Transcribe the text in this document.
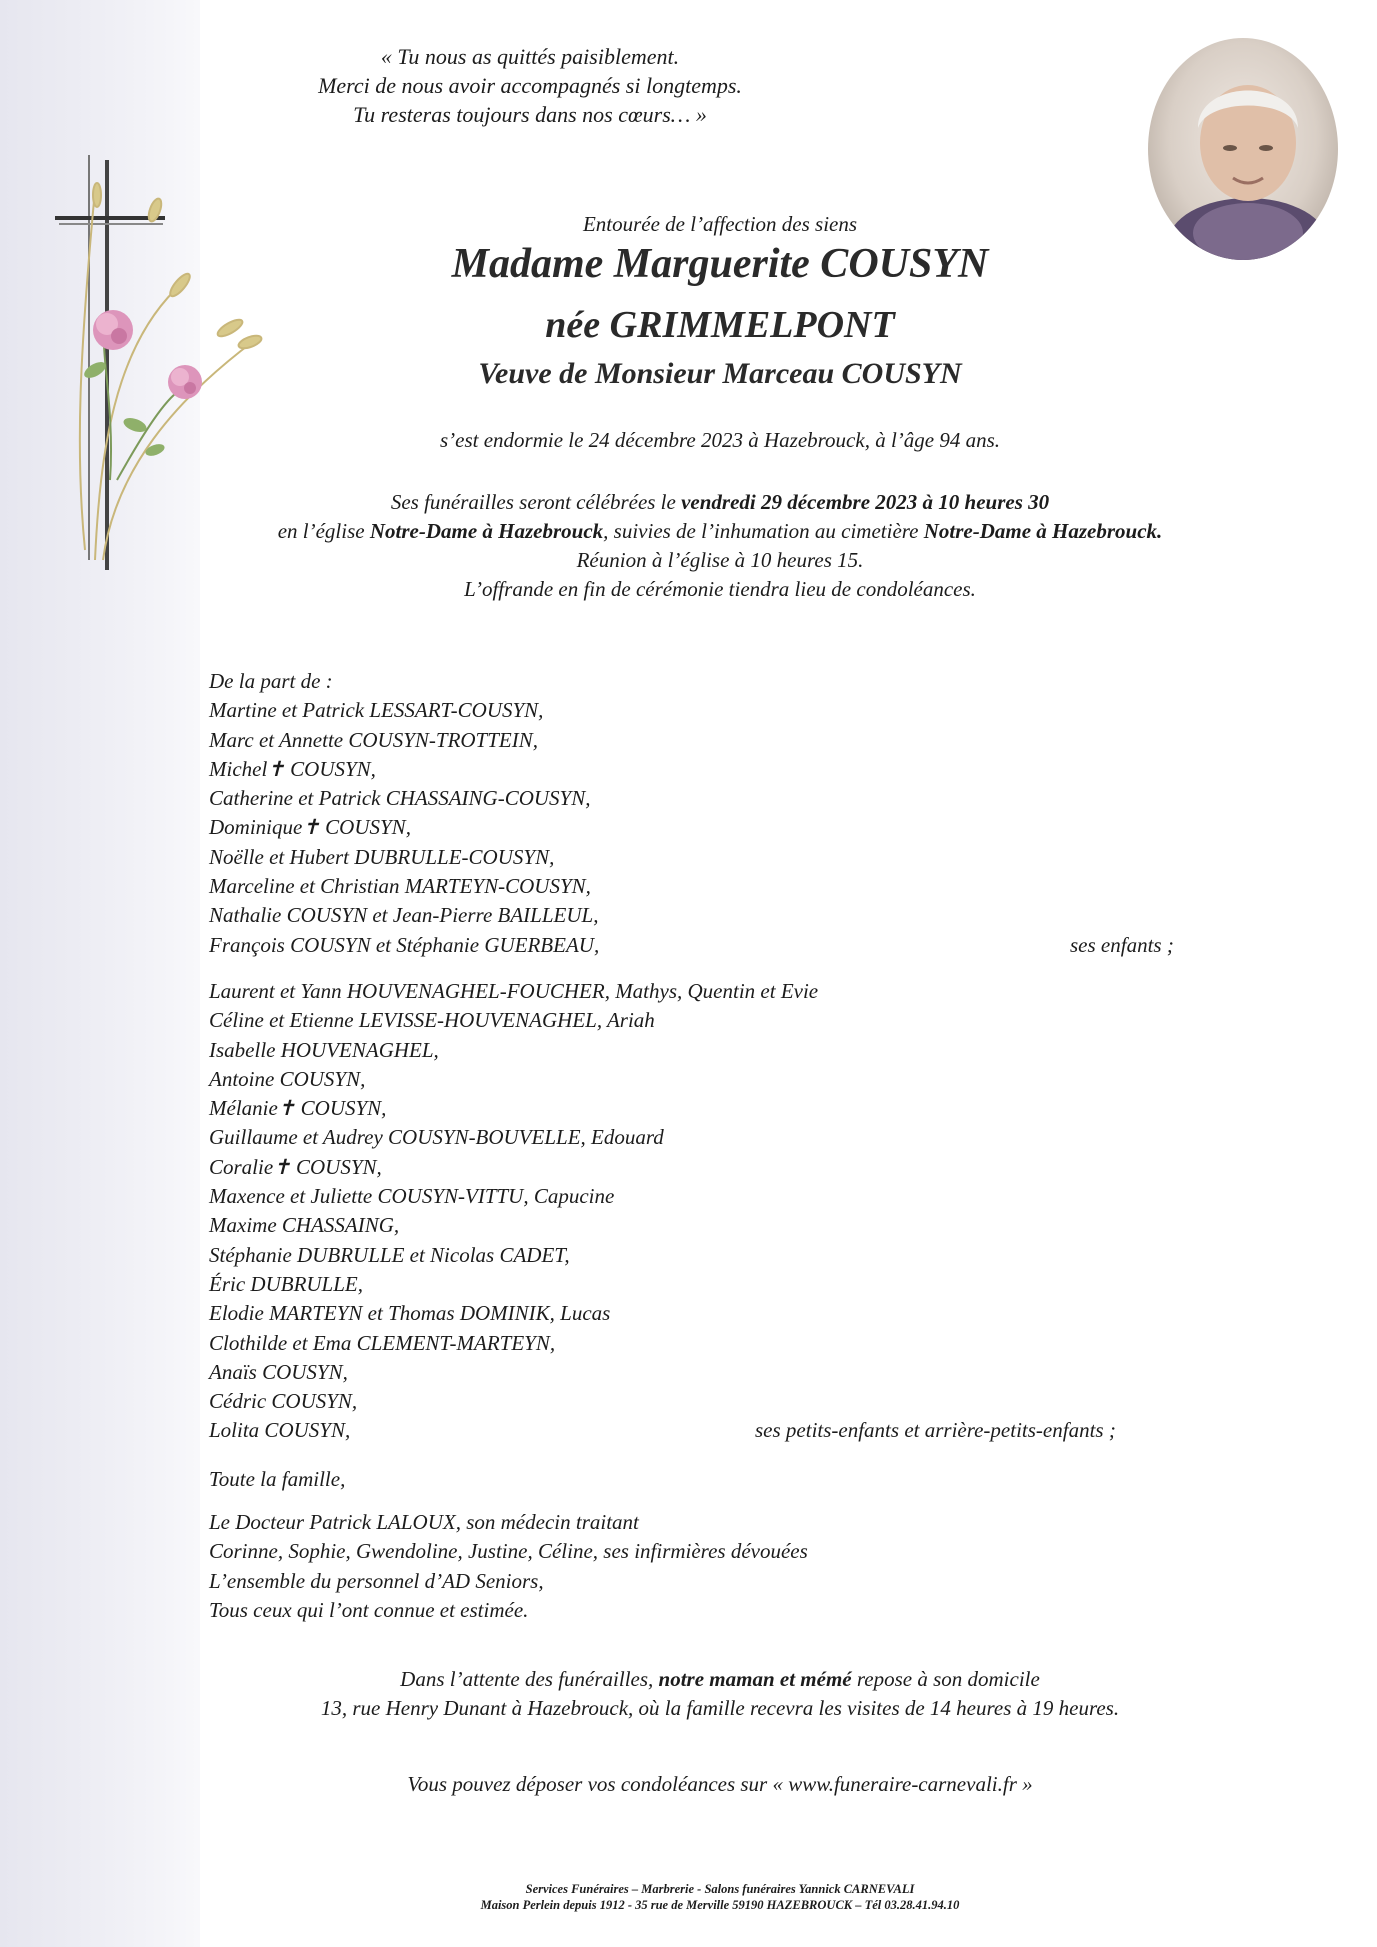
« Tu nous as quittés paisiblement.
Merci de nous avoir accompagnés si longtemps.
Tu resteras toujours dans nos cœurs… »
Entourée de l’affection des siens
Madame Marguerite COUSYN
née GRIMMELPONT
Veuve de Monsieur Marceau COUSYN
s’est endormie le 24 décembre 2023 à Hazebrouck, à l’âge 94 ans.
Ses funérailles seront célébrées le vendredi 29 décembre 2023 à 10 heures 30
en l’église Notre-Dame à Hazebrouck, suivies de l’inhumation au cimetière Notre-Dame à Hazebrouck.
Réunion à l’église à 10 heures 15.
L’offrande en fin de cérémonie tiendra lieu de condoléances.
De la part de :
Martine et Patrick LESSART-COUSYN,
Marc et Annette COUSYN-TROTTEIN,
Michel✝ COUSYN,
Catherine et Patrick CHASSAING-COUSYN,
Dominique✝ COUSYN,
Noëlle et Hubert DUBRULLE-COUSYN,
Marceline et Christian MARTEYN-COUSYN,
Nathalie COUSYN et Jean-Pierre BAILLEUL,
François COUSYN et Stéphanie GUERBEAU,	ses enfants ;
Laurent et Yann HOUVENAGHEL-FOUCHER, Mathys, Quentin et Evie
Céline et Etienne LEVISSE-HOUVENAGHEL, Ariah
Isabelle HOUVENAGHEL,
Antoine COUSYN,
Mélanie✝ COUSYN,
Guillaume et Audrey COUSYN-BOUVELLE, Edouard
Coralie✝ COUSYN,
Maxence et Juliette COUSYN-VITTU, Capucine
Maxime CHASSAING,
Stéphanie DUBRULLE et Nicolas CADET,
Éric DUBRULLE,
Elodie MARTEYN et Thomas DOMINIK, Lucas
Clothilde et Ema CLEMENT-MARTEYN,
Anaïs COUSYN,
Cédric COUSYN,
Lolita COUSYN,	ses petits-enfants et arrière-petits-enfants ;
Toute la famille,
Le Docteur Patrick LALOUX, son médecin traitant
Corinne, Sophie, Gwendoline, Justine, Céline, ses infirmières dévouées
L’ensemble du personnel d’AD Seniors,
Tous ceux qui l’ont connue et estimée.
Dans l’attente des funérailles, notre maman et mémé repose à son domicile
13, rue Henry Dunant à Hazebrouck, où la famille recevra les visites de 14 heures à 19 heures.
Vous pouvez déposer vos condoléances sur « www.funeraire-carnevali.fr »
Services Funéraires – Marbrerie - Salons funéraires Yannick CARNEVALI
Maison Perlein depuis 1912 - 35 rue de Merville 59190 HAZEBROUCK – Tél 03.28.41.94.10
